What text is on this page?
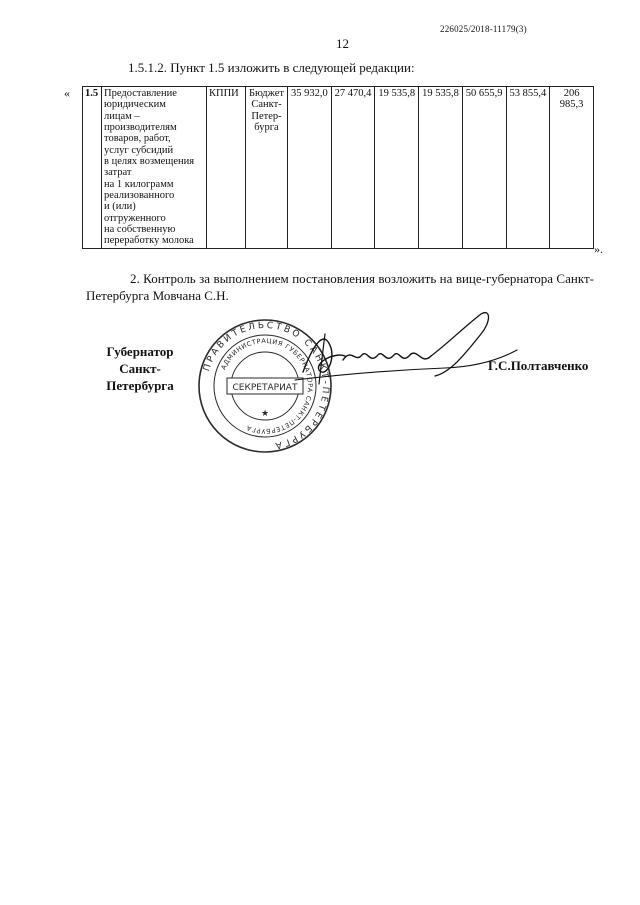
226025/2018-11179(3)
12
1.5.1.2. Пункт 1.5 изложить в следующей редакции:
« 1.5	Предоставление
юридическим
лицам –
производителям
товаров, работ,
услуг субсидий
в целях возмещения
затрат
на 1 килограмм
реализованного
и (или)
отгруженного
на собственную
переработку молока
	КППИ	Бюджет
Санкт-
Петер-
бурга
	35 932,0	27 470,4	19 535,8	19 535,8	50 655,9	53 855,4	206 985,3
».
2. Контроль за выполнением постановления возложить на вице-губернатора Санкт-Петербурга Мовчана С.Н.
Губернатор
Санкт-Петербурга
ПРАВИТЕЛЬСТВО САНКТ-ПЕТЕРБУРГА
АДМИНИСТРАЦИЯ ГУБЕРНАТОРА САНКТ-ПЕТЕРБУРГА
СЕКРЕТАРИАТ
★
Г.С.Полтавченко
